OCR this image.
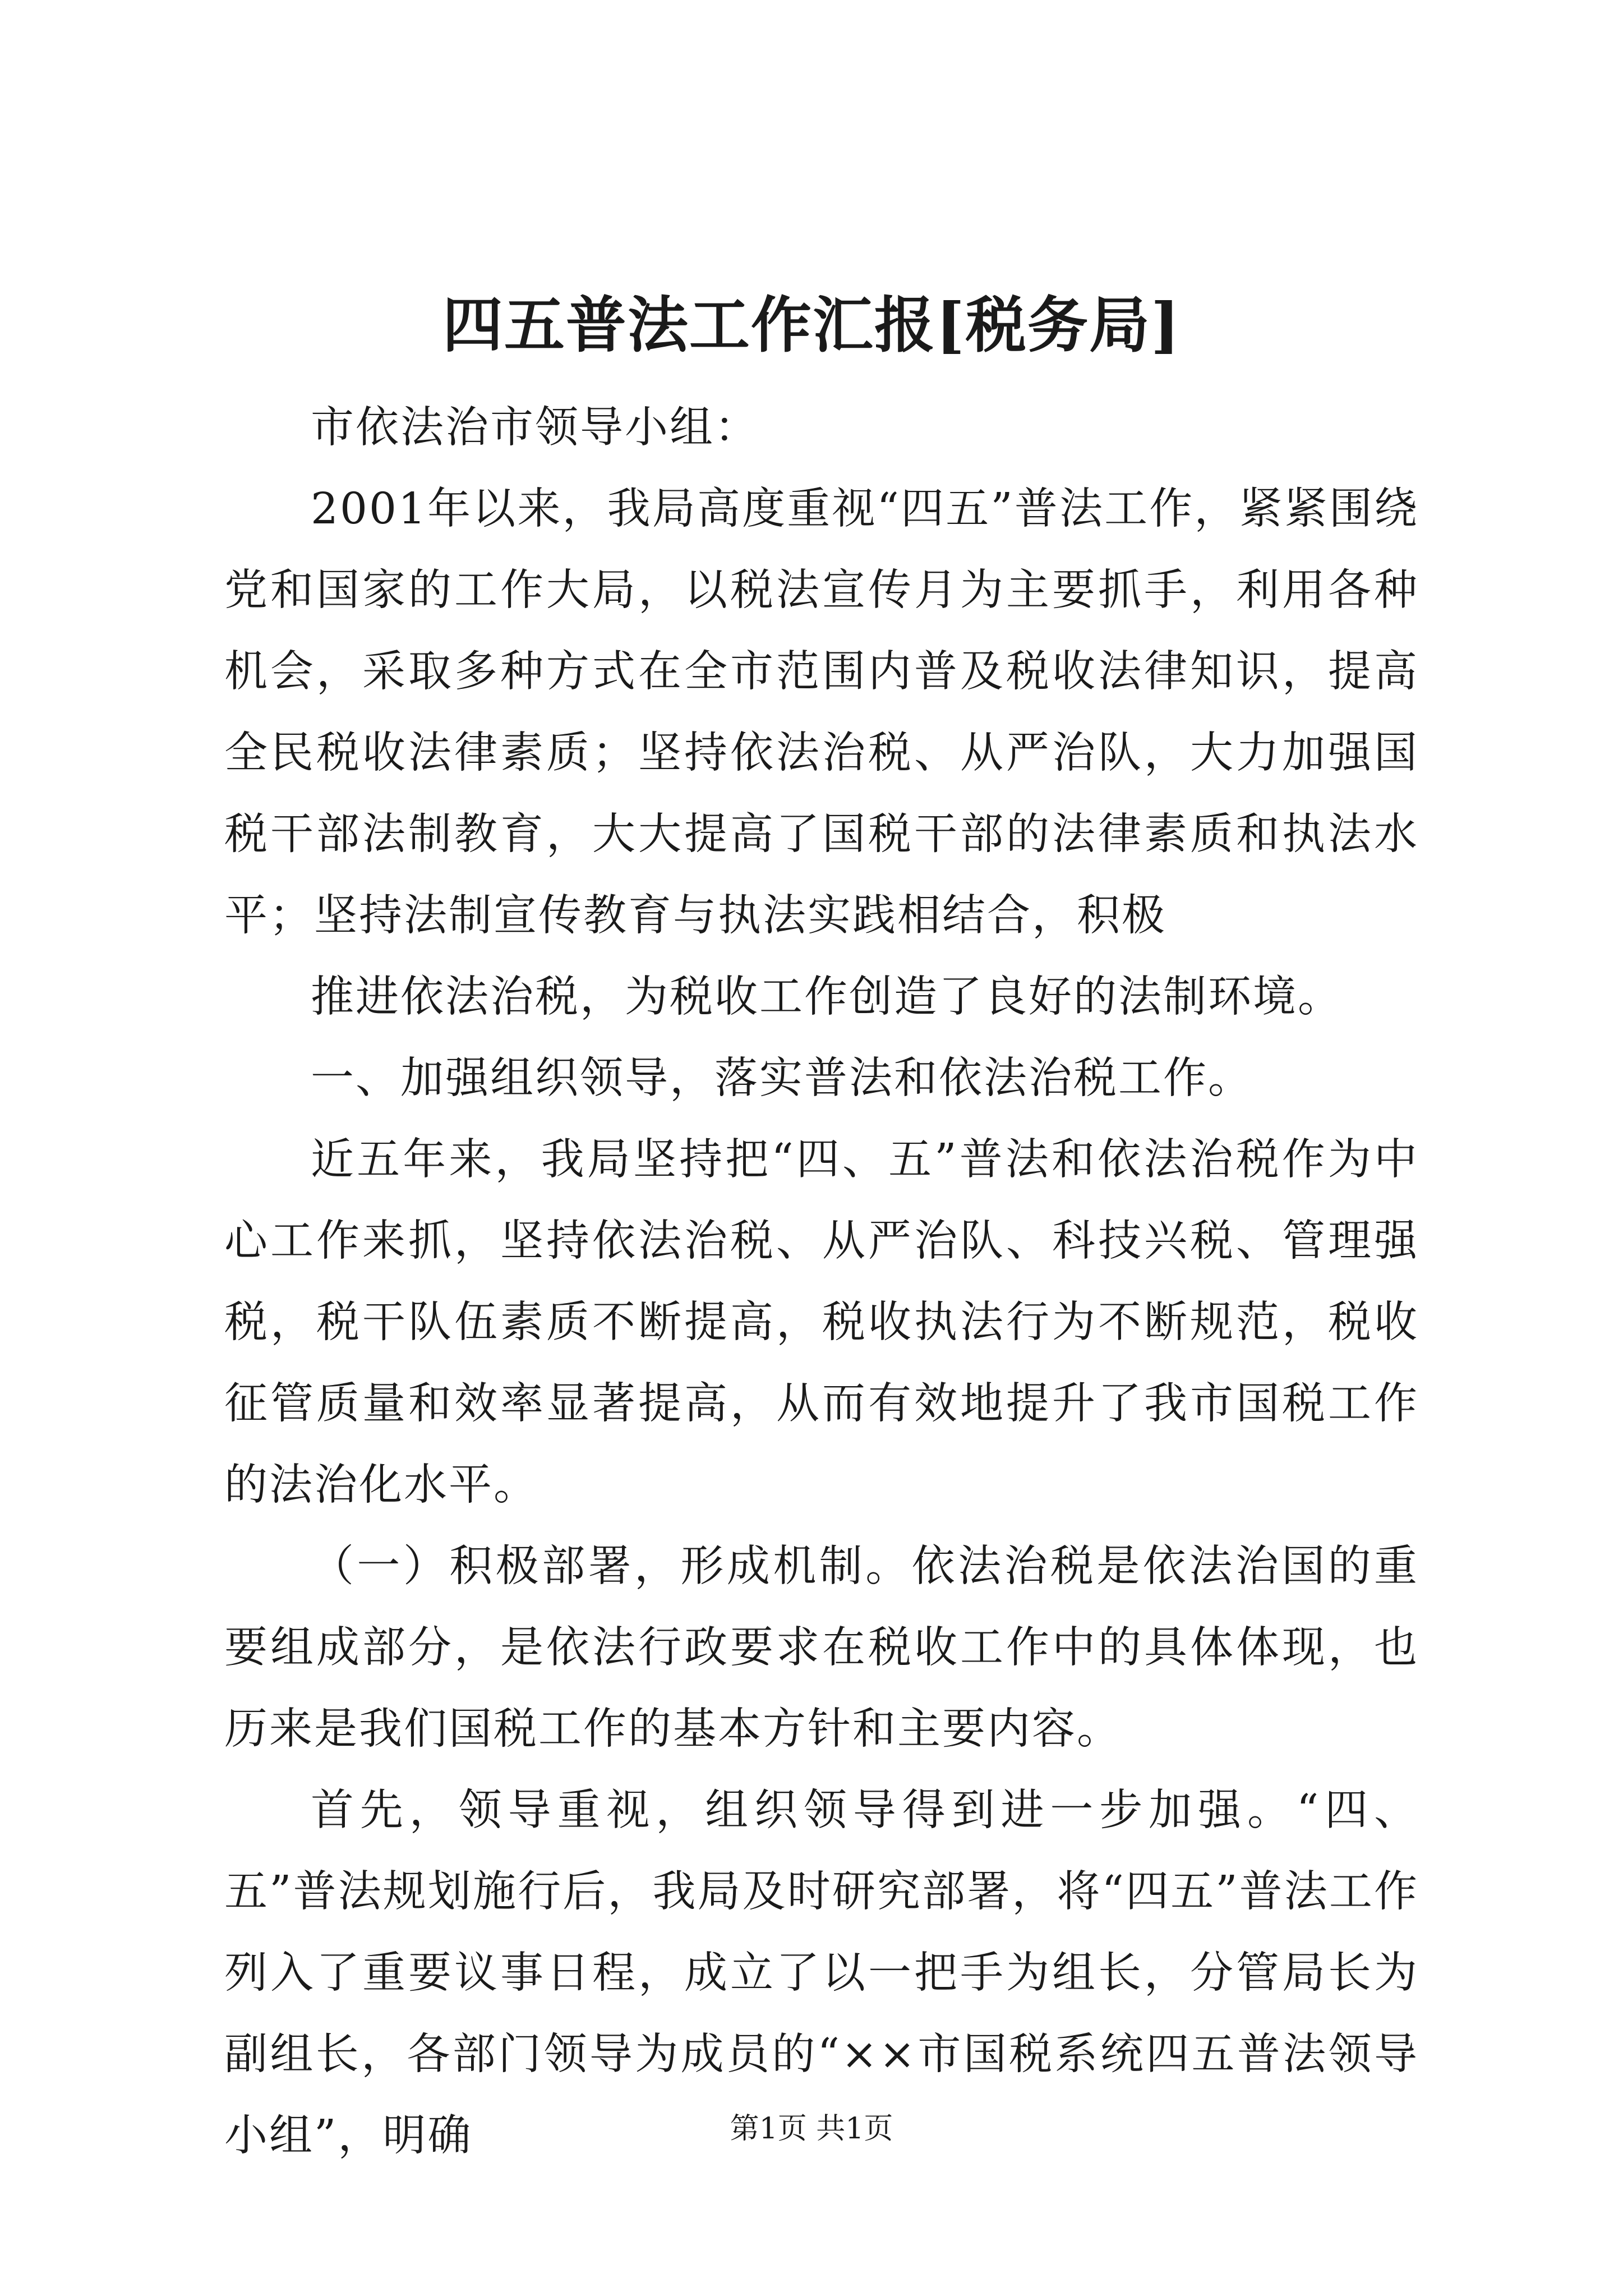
四五普法工作汇报[税务局]

市依法治市领导小组：

2001年以来，我局高度重视“四五”普法工作，紧紧围绕党和国家的工作大局，以税法宣传月为主要抓手，利用各种机会，采取多种方式在全市范围内普及税收法律知识，提高全民税收法律素质；坚持依法治税、从严治队，大力加强国税干部法制教育，大大提高了国税干部的法律素质和执法水平；坚持法制宣传教育与执法实践相结合，积极

推进依法治税，为税收工作创造了良好的法制环境。

一、加强组织领导，落实普法和依法治税工作。

近五年来，我局坚持把“四、五”普法和依法治税作为中心工作来抓，坚持依法治税、从严治队、科技兴税、管理强税，税干队伍素质不断提高，税收执法行为不断规范，税收征管质量和效率显著提高，从而有效地提升了我市国税工作的法治化水平。

（一）积极部署，形成机制。依法治税是依法治国的重要组成部分，是依法行政要求在税收工作中的具体体现，也历来是我们国税工作的基本方针和主要内容。

首先，领导重视，组织领导得到进一步加强。“四、五”普法规划施行后，我局及时研究部署，将“四五”普法工作列入了重要议事日程，成立了以一把手为组长，分管局长为副组长，各部门领导为成员的“××市国税系统四五普法领导小组”，明确	第1页 共1页
